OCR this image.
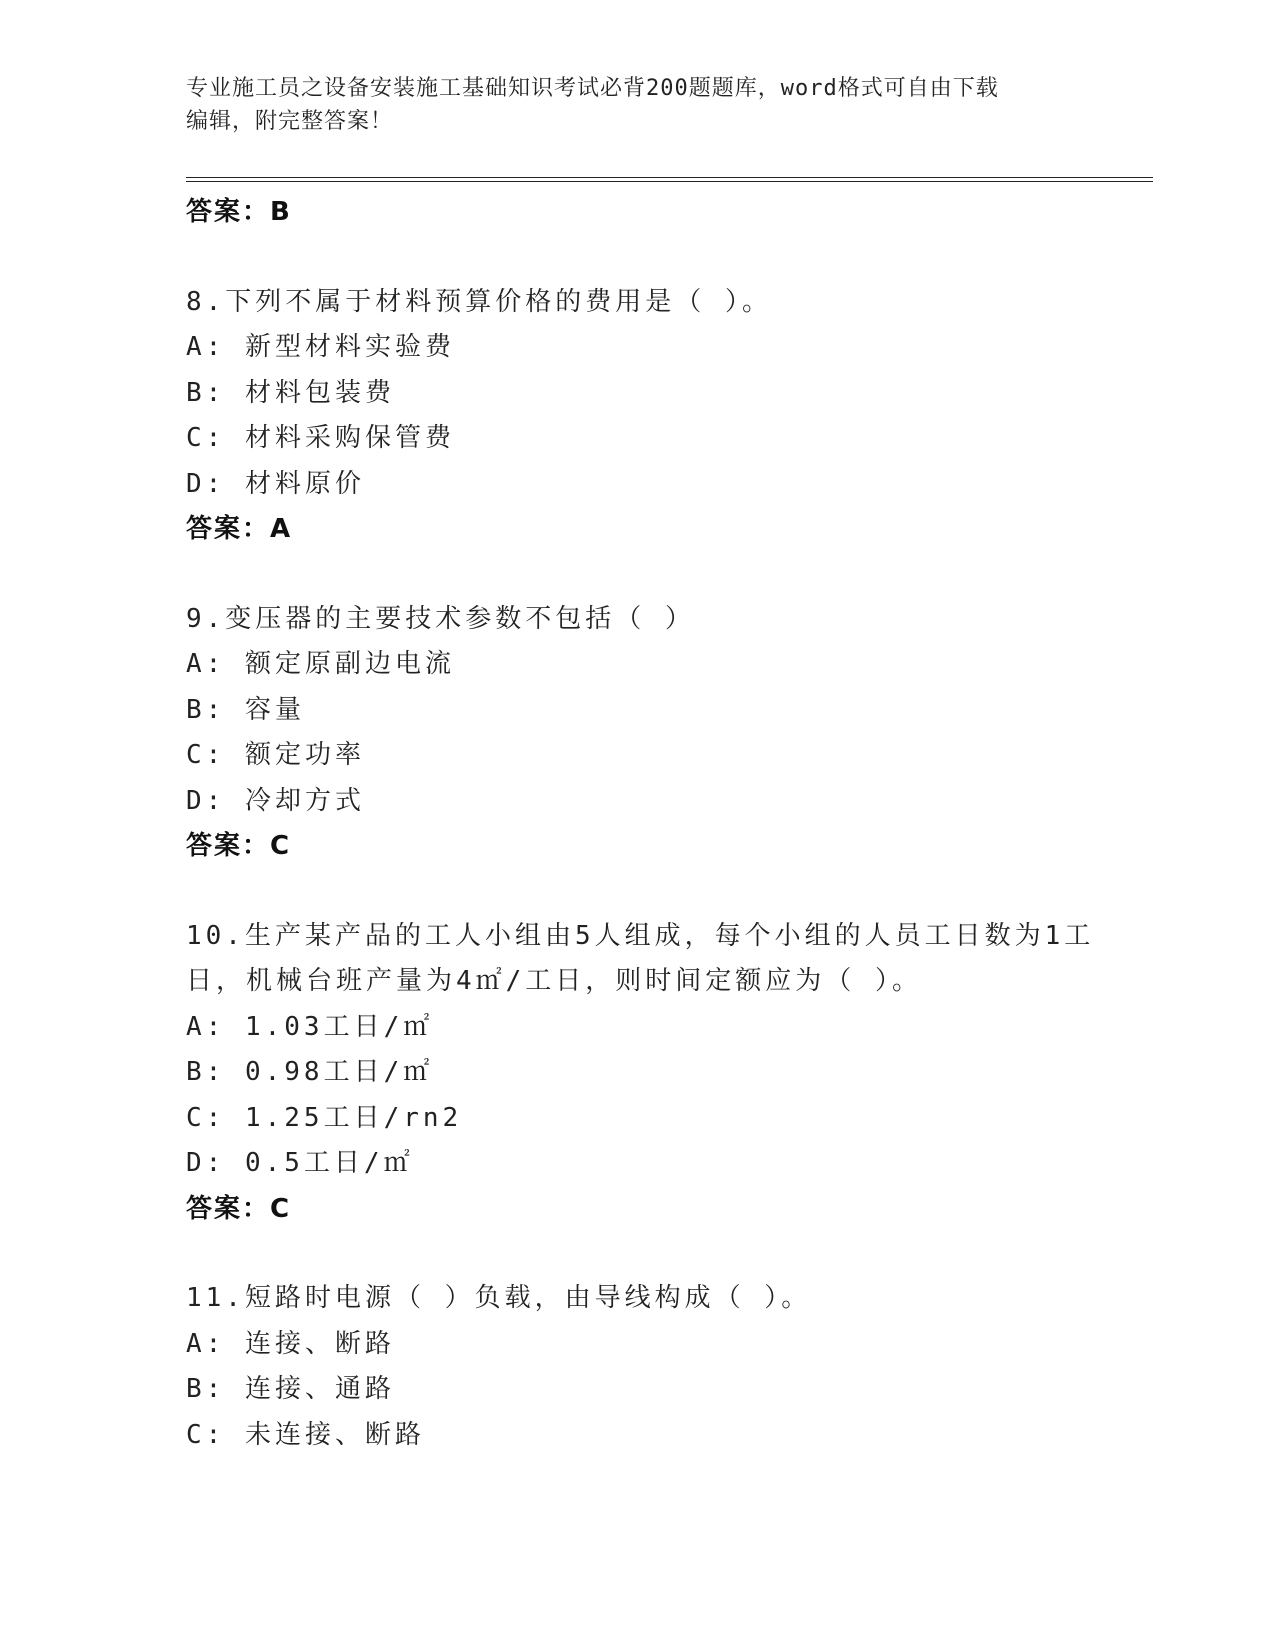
专业施工员之设备安装施工基础知识考试必背200题题库，word格式可自由下载
编辑，附完整答案！
答案：B
8.下列不属于材料预算价格的费用是（ ）。
A: 新型材料实验费
B: 材料包装费
C: 材料采购保管费
D: 材料原价
答案：A
9.变压器的主要技术参数不包括（ ）
A: 额定原副边电流
B: 容量
C: 额定功率
D: 冷却方式
答案：C
10.生产某产品的工人小组由5人组成，每个小组的人员工日数为1工
日，机械台班产量为4㎡/工日，则时间定额应为（ ）。
A: 1.03工日/㎡
B: 0.98工日/㎡
C: 1.25工日/rn2
D: 0.5工日/㎡
答案：C
11.短路时电源（ ）负载，由导线构成（ ）。
A: 连接、断路
B: 连接、通路
C: 未连接、断路
